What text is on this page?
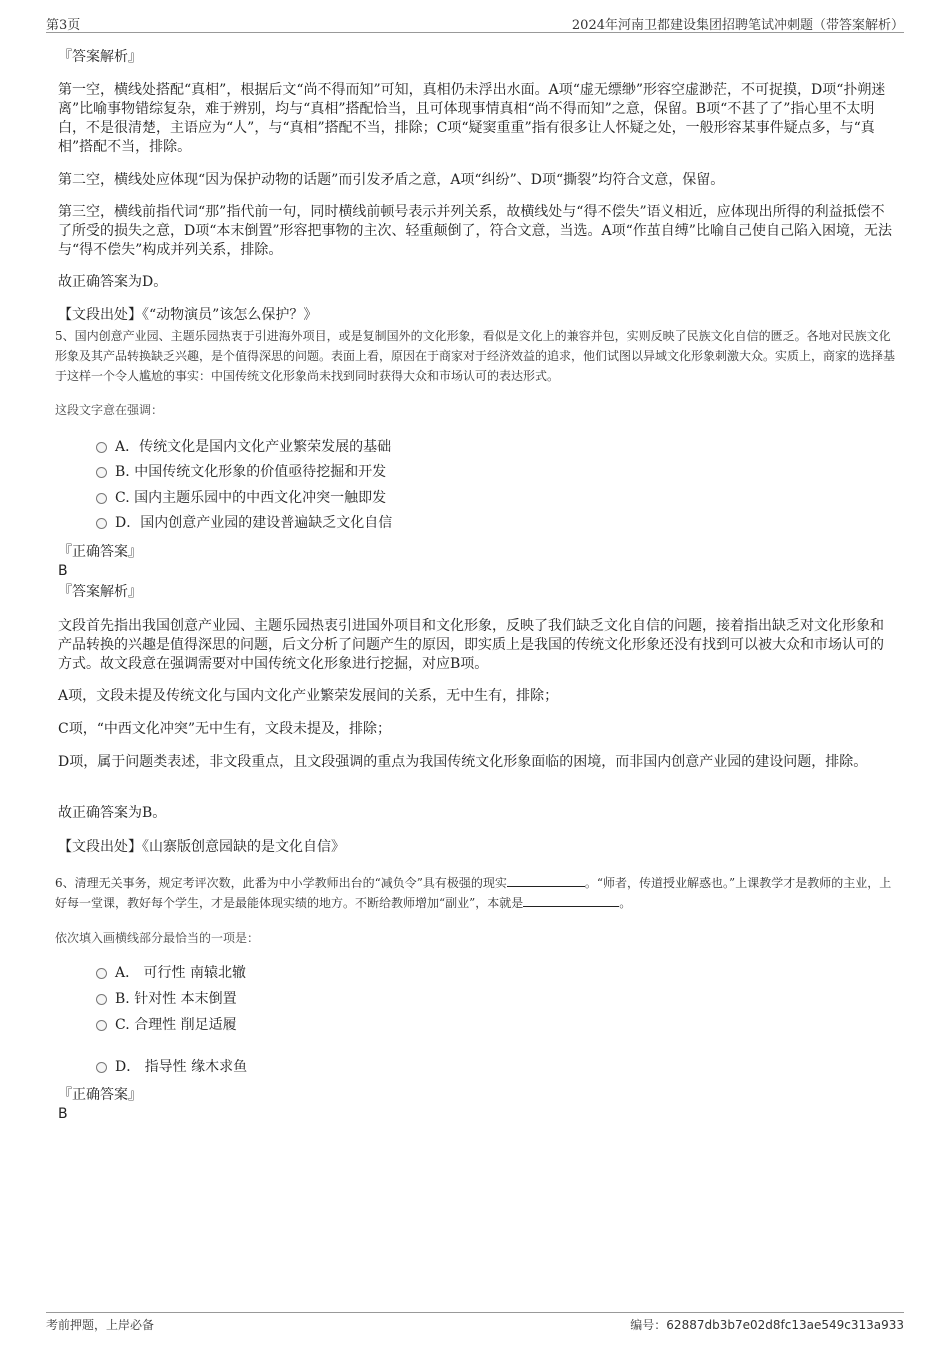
第3页	2024年河南卫都建设集团招聘笔试冲刺题（带答案解析）
『答案解析』
第一空，横线处搭配“真相”，根据后文“尚不得而知”可知，真相仍未浮出水面。A项“虚无缥缈”形容空虚渺茫，不可捉摸，D项“扑朔迷离”比喻事物错综复杂，难于辨别，均与“真相”搭配恰当，且可体现事情真相“尚不得而知”之意，保留。B项“不甚了了”指心里不太明白，不是很清楚，主语应为“人”，与“真相”搭配不当，排除；C项“疑窦重重”指有很多让人怀疑之处，一般形容某事件疑点多，与“真相”搭配不当，排除。
第二空，横线处应体现“因为保护动物的话题”而引发矛盾之意，A项“纠纷”、D项“撕裂”均符合文意，保留。
第三空，横线前指代词“那”指代前一句，同时横线前顿号表示并列关系，故横线处与“得不偿失”语义相近，应体现出所得的利益抵偿不了所受的损失之意，D项“本末倒置”形容把事物的主次、轻重颠倒了，符合文意，当选。A项“作茧自缚”比喻自己使自己陷入困境，无法与“得不偿失”构成并列关系，排除。
故正确答案为D。
【文段出处】《“动物演员”该怎么保护？》
5、国内创意产业园、主题乐园热衷于引进海外项目，或是复制国外的文化形象，看似是文化上的兼容并包，实则反映了民族文化自信的匮乏。各地对民族文化形象及其产品转换缺乏兴趣，是个值得深思的问题。表面上看，原因在于商家对于经济效益的追求，他们试图以异域文化形象刺激大众。实质上，商家的选择基于这样一个令人尴尬的事实：中国传统文化形象尚未找到同时获得大众和市场认可的表达形式。
这段文字意在强调：
A．传统文化是国内文化产业繁荣发展的基础
B. 中国传统文化形象的价值亟待挖掘和开发
C. 国内主题乐园中的中西文化冲突一触即发
D．国内创意产业园的建设普遍缺乏文化自信
『正确答案』
B
『答案解析』
文段首先指出我国创意产业园、主题乐园热衷引进国外项目和文化形象，反映了我们缺乏文化自信的问题，接着指出缺乏对文化形象和产品转换的兴趣是值得深思的问题，后文分析了问题产生的原因，即实质上是我国的传统文化形象还没有找到可以被大众和市场认可的方式。故文段意在强调需要对中国传统文化形象进行挖掘，对应B项。
A项，文段未提及传统文化与国内文化产业繁荣发展间的关系，无中生有，排除；
C项，“中西文化冲突”无中生有，文段未提及，排除；
D项，属于问题类表述，非文段重点，且文段强调的重点为我国传统文化形象面临的困境，而非国内创意产业园的建设问题，排除。
故正确答案为B。
【文段出处】《山寨版创意园缺的是文化自信》
6、清理无关事务，规定考评次数，此番为中小学教师出台的“减负令”具有极强的现实	。“师者，传道授业解惑也。”上课教学才是教师的主业，上好每一堂课，教好每个学生，才是最能体现实绩的地方。不断给教师增加“副业”，本就是	。
依次填入画横线部分最恰当的一项是：
A． 可行性 南辕北辙
B. 针对性 本末倒置
C. 合理性 削足适履
D． 指导性 缘木求鱼
『正确答案』
B
考前押题，上岸必备	编号：62887db3b7e02d8fc13ae549c313a933
